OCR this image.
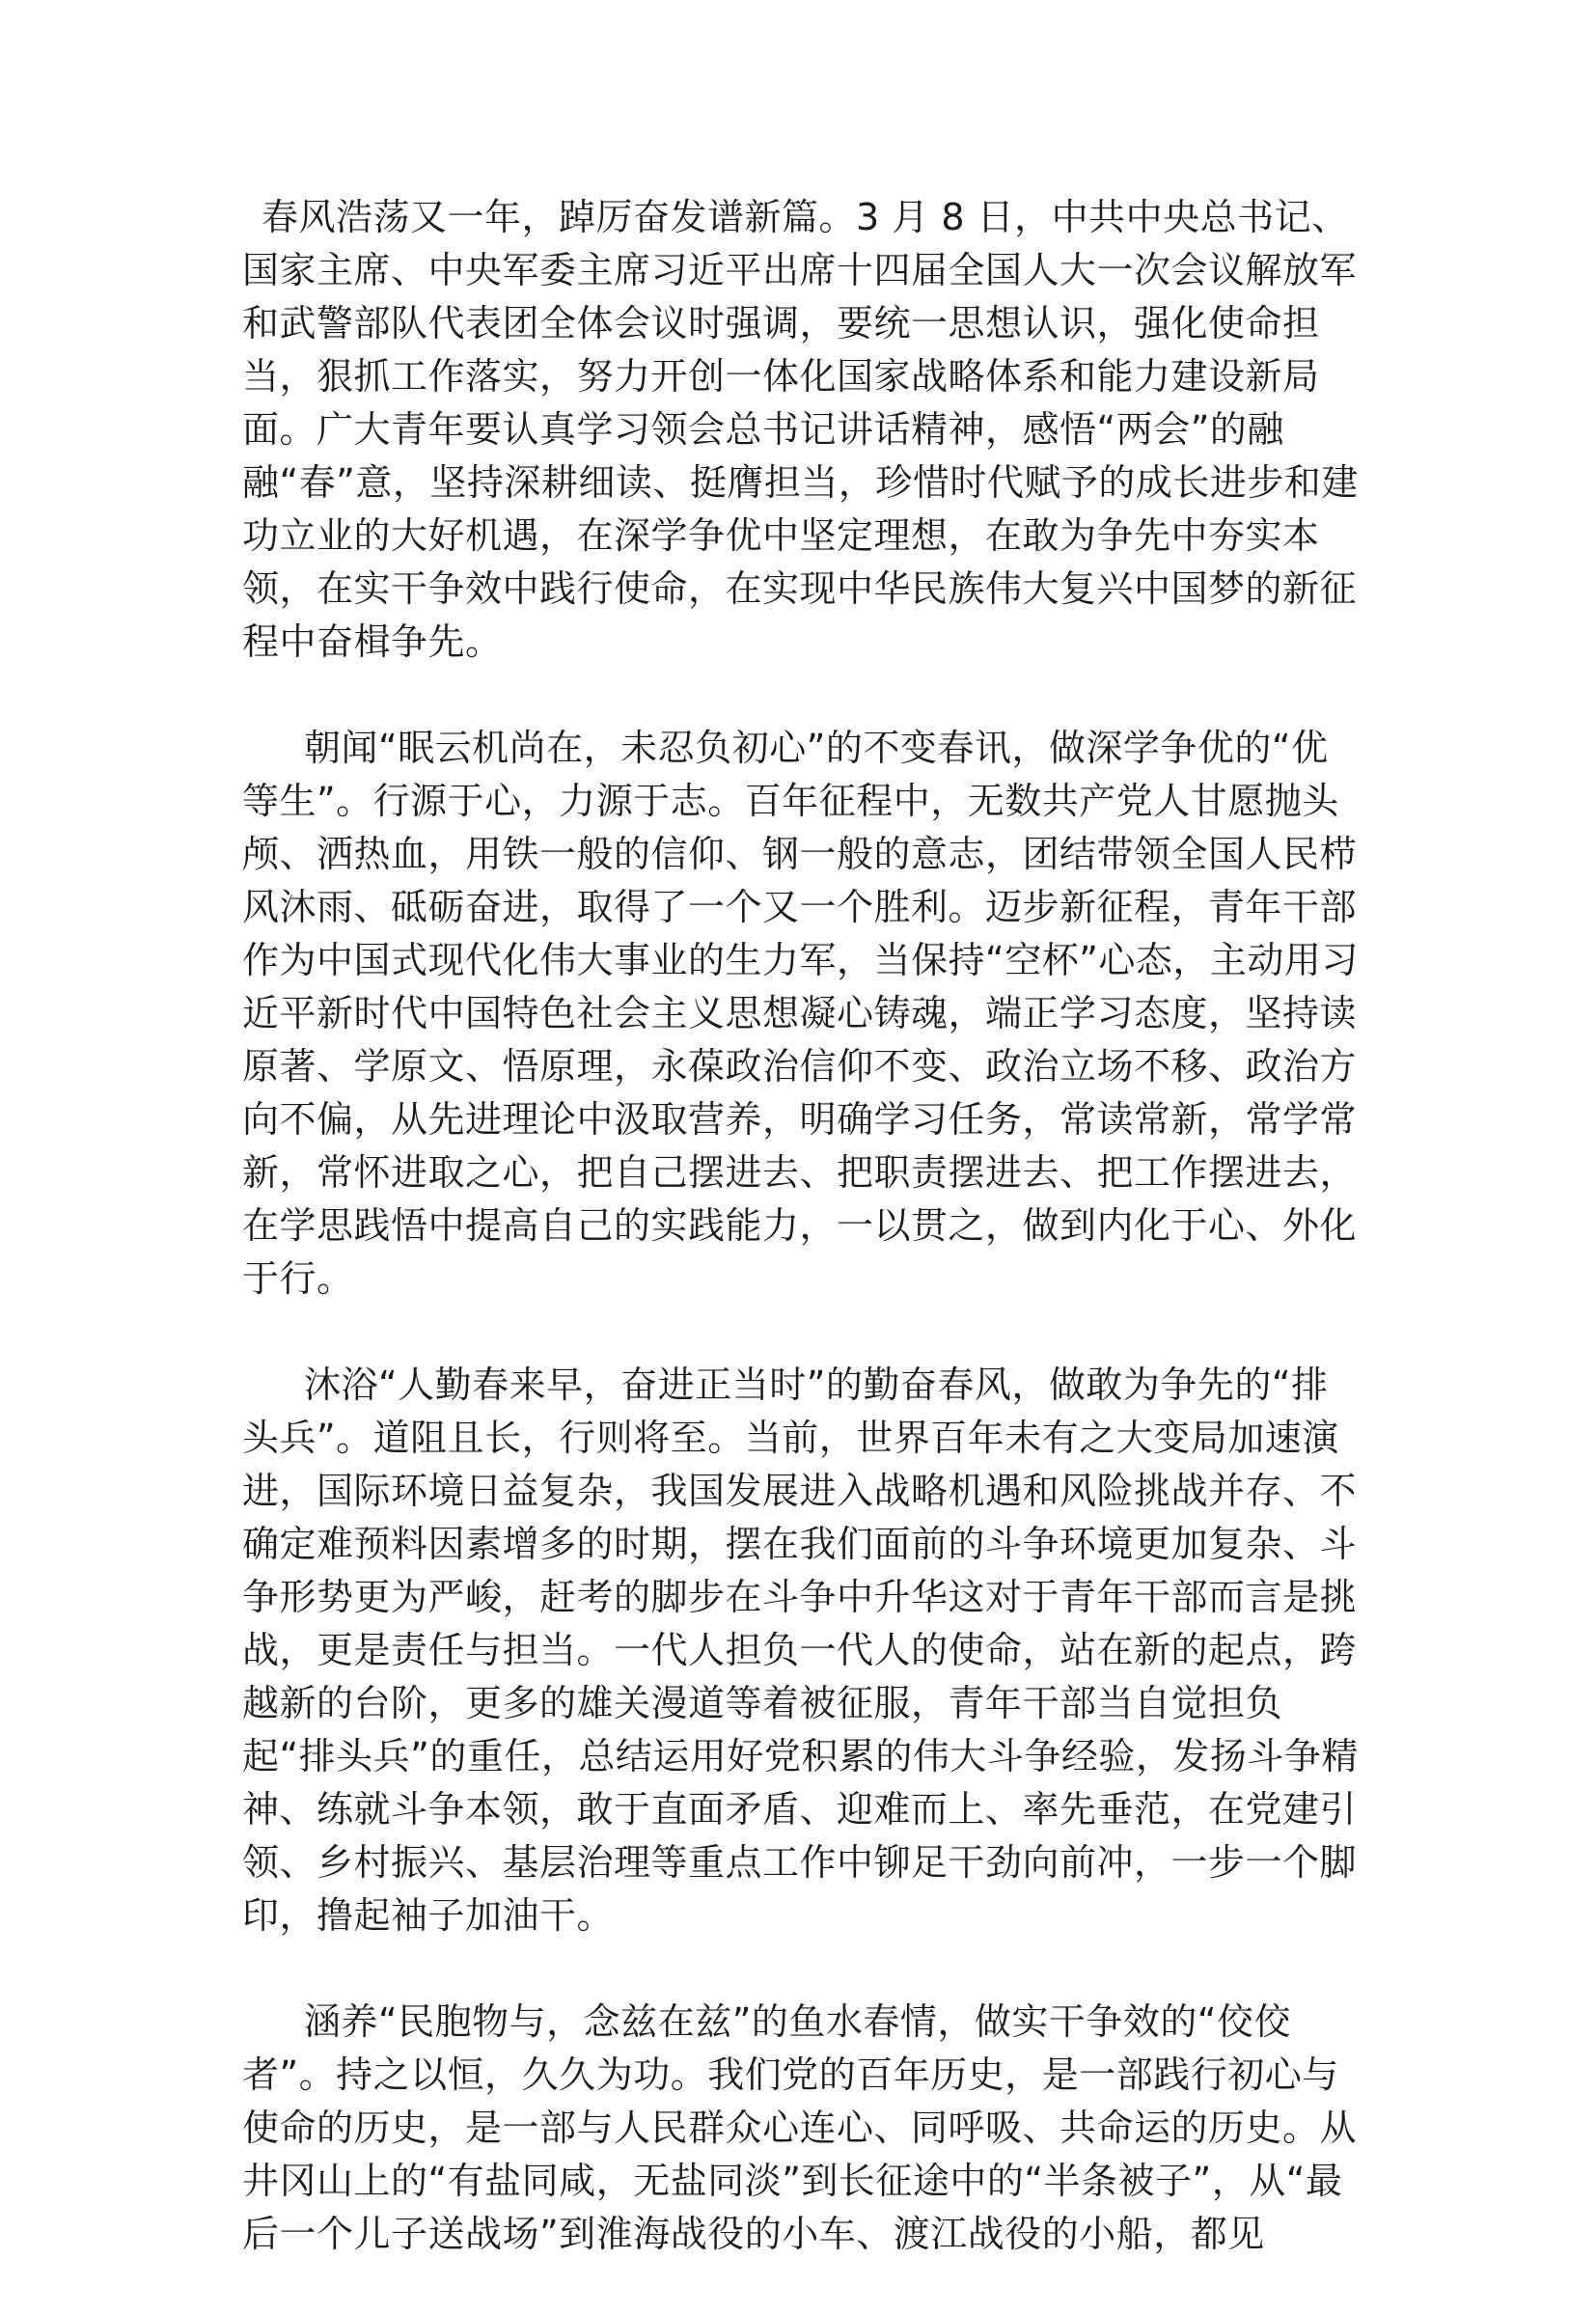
春风浩荡又一年，踔厉奋发谱新篇。3 月 8 日，中共中央总书记、国家主席、中央军委主席习近平出席十四届全国人大一次会议解放军和武警部队代表团全体会议时强调，要统一思想认识，强化使命担当，狠抓工作落实，努力开创一体化国家战略体系和能力建设新局面。广大青年要认真学习领会总书记讲话精神，感悟“两会”的融融“春”意，坚持深耕细读、挺膺担当，珍惜时代赋予的成长进步和建功立业的大好机遇，在深学争优中坚定理想，在敢为争先中夯实本领，在实干争效中践行使命，在实现中华民族伟大复兴中国梦的新征程中奋楫争先。

朝闻“眠云机尚在，未忍负初心”的不变春讯，做深学争优的“优等生”。行源于心，力源于志。百年征程中，无数共产党人甘愿抛头颅、洒热血，用铁一般的信仰、钢一般的意志，团结带领全国人民栉风沐雨、砥砺奋进，取得了一个又一个胜利。迈步新征程，青年干部作为中国式现代化伟大事业的生力军，当保持“空杯”心态，主动用习近平新时代中国特色社会主义思想凝心铸魂，端正学习态度，坚持读原著、学原文、悟原理，永葆政治信仰不变、政治立场不移、政治方向不偏，从先进理论中汲取营养，明确学习任务，常读常新，常学常新，常怀进取之心，把自己摆进去、把职责摆进去、把工作摆进去，在学思践悟中提高自己的实践能力，一以贯之，做到内化于心、外化于行。

沐浴“人勤春来早，奋进正当时”的勤奋春风，做敢为争先的“排头兵”。道阻且长，行则将至。当前，世界百年未有之大变局加速演进，国际环境日益复杂，我国发展进入战略机遇和风险挑战并存、不确定难预料因素增多的时期，摆在我们面前的斗争环境更加复杂、斗争形势更为严峻，赶考的脚步在斗争中升华这对于青年干部而言是挑战，更是责任与担当。一代人担负一代人的使命，站在新的起点，跨越新的台阶，更多的雄关漫道等着被征服，青年干部当自觉担负起“排头兵”的重任，总结运用好党积累的伟大斗争经验，发扬斗争精神、练就斗争本领，敢于直面矛盾、迎难而上、率先垂范，在党建引领、乡村振兴、基层治理等重点工作中铆足干劲向前冲，一步一个脚印，撸起袖子加油干。

涵养“民胞物与，念兹在兹”的鱼水春情，做实干争效的“佼佼者”。持之以恒，久久为功。我们党的百年历史，是一部践行初心与使命的历史，是一部与人民群众心连心、同呼吸、共命运的历史。从井冈山上的“有盐同咸，无盐同淡”到长征途中的“半条被子”，从“最后一个儿子送战场”到淮海战役的小车、渡江战役的小船，都见
